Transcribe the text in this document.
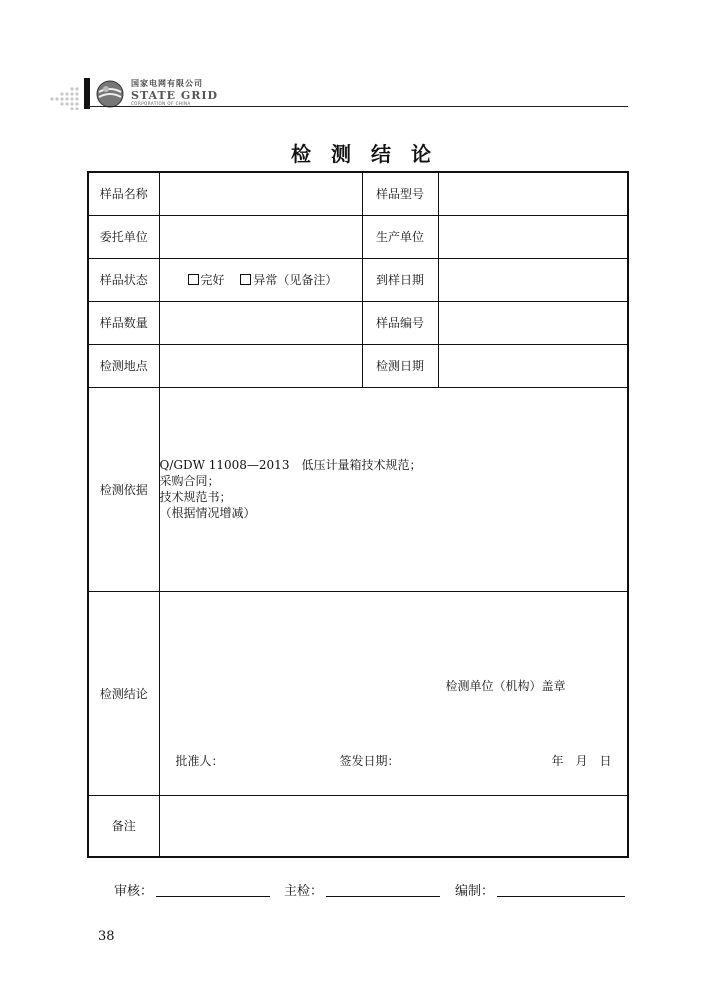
国家电网有限公司
STATE GRID
CORPORATION OF CHINA
检测结论
样品名称		样品型号	
委托单位		生产单位	
样品状态	完好 异常（见备注）	到样日期	
样品数量		样品编号	
检测地点		检测日期	
检测依据	Q/GDW 11008—2013　低压计量箱技术规范；
采购合同；
技术规范书；
（根据情况增减）		

检测结论	检测单位（机构）盖章
批准人： 签发日期： 年　月　日		

备注			
审核：	主检：	编制：
38
